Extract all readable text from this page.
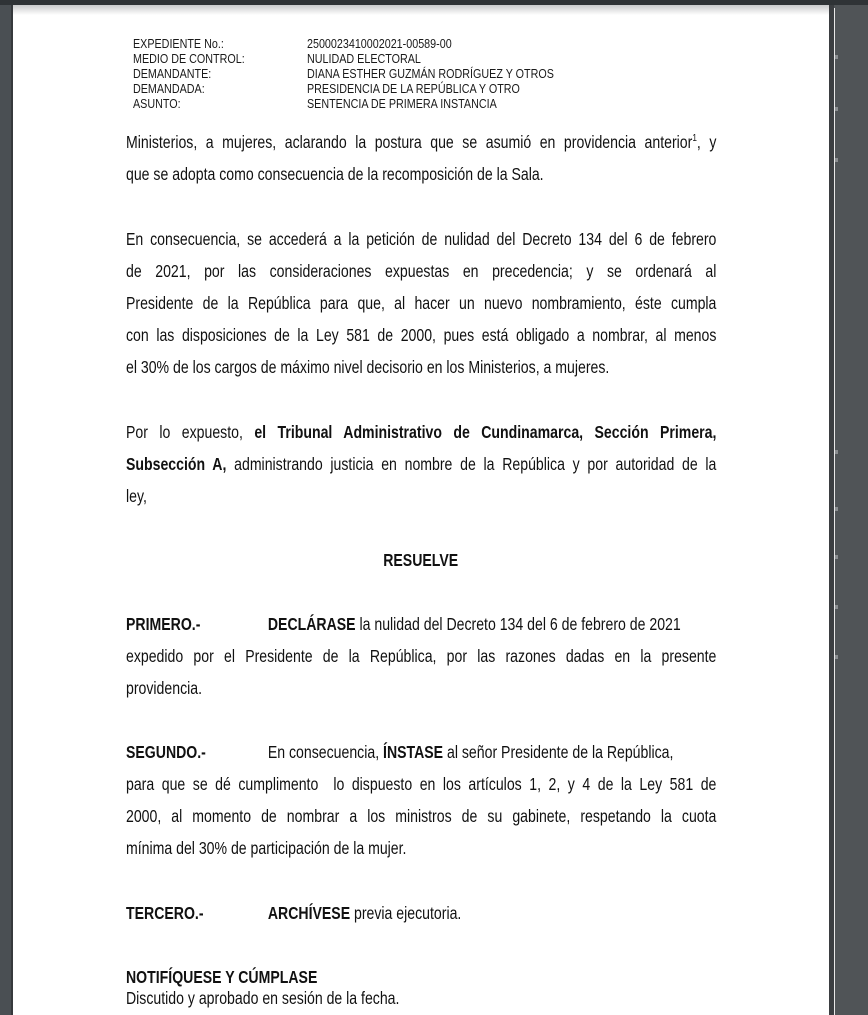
EXPEDIENTE No.:	2500023410002021-00589-00
MEDIO DE CONTROL:	NULIDAD ELECTORAL
DEMANDANTE:	DIANA ESTHER GUZMÁN RODRÍGUEZ Y OTROS
DEMANDADA:	PRESIDENCIA DE LA REPÚBLICA Y OTRO
ASUNTO:	SENTENCIA DE PRIMERA INSTANCIA
Ministerios, a mujeres, aclarando la postura que se asumió en providencia anterior$^1$, y
que se adopta como consecuencia de la recomposición de la Sala.
En consecuencia, se accederá a la petición de nulidad del Decreto 134 del 6 de febrero
de 2021, por las consideraciones expuestas en precedencia; y se ordenará al
Presidente de la República para que, al hacer un nuevo nombramiento, éste cumpla
con las disposiciones de la Ley 581 de 2000, pues está obligado a nombrar, al menos
el 30% de los cargos de máximo nivel decisorio en los Ministerios, a mujeres.
Por lo expuesto, el Tribunal Administrativo de Cundinamarca, Sección Primera,
Subsección A, administrando justicia en nombre de la República y por autoridad de la
ley,
RESUELVE
PRIMERO.-	DECLÁRASE la nulidad del Decreto 134 del 6 de febrero de 2021
expedido por el Presidente de la República, por las razones dadas en la presente
providencia.
SEGUNDO.-	En consecuencia, ÍNSTASE al señor Presidente de la República,
para que se dé cumplimento  lo dispuesto en los artículos 1, 2, y 4 de la Ley 581 de
2000, al momento de nombrar a los ministros de su gabinete, respetando la cuota
mínima del 30% de participación de la mujer.
TERCERO.-	ARCHÍVESE previa ejecutoria.
NOTIFÍQUESE Y CÚMPLASE
Discutido y aprobado en sesión de la fecha.
